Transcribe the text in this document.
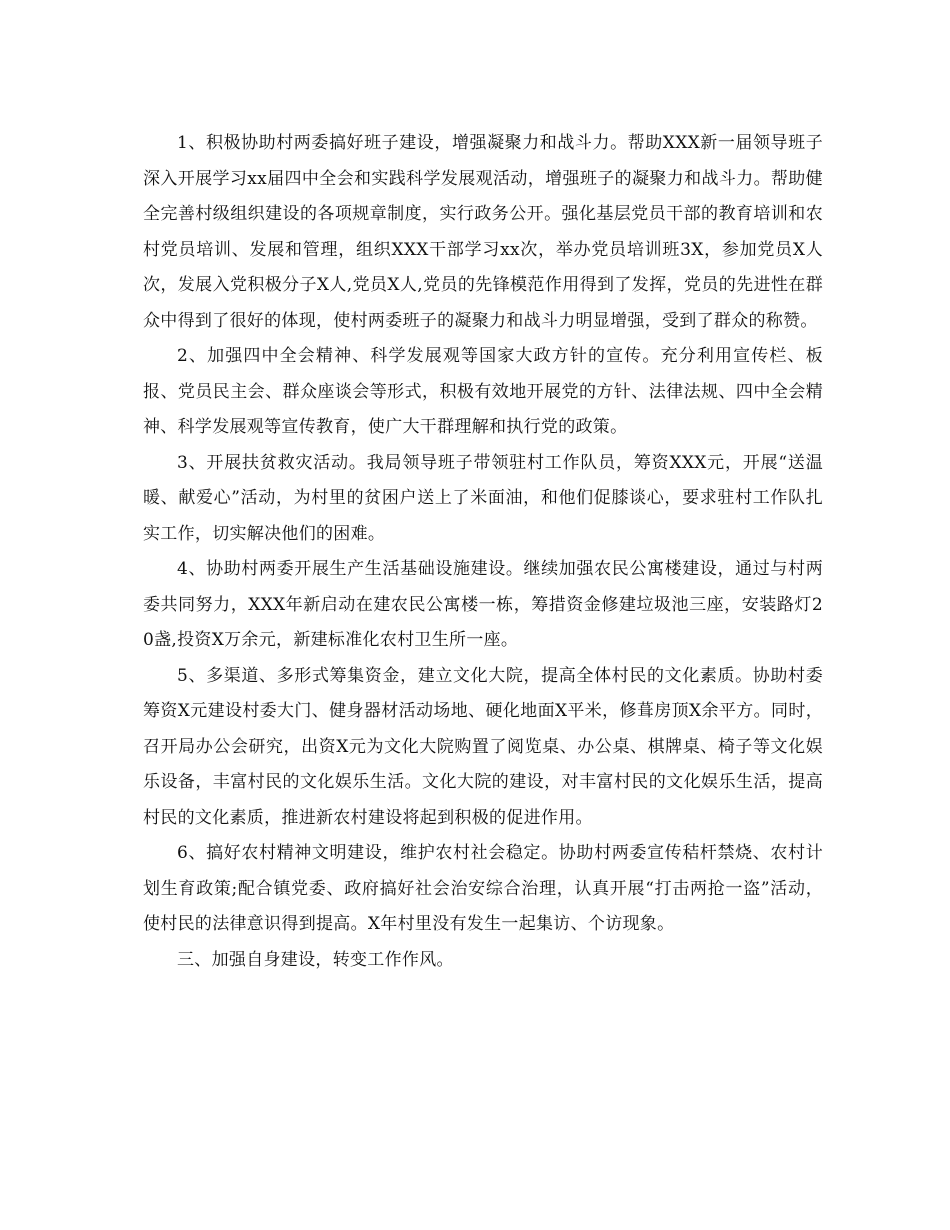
1、积极协助村两委搞好班子建设，增强凝聚力和战斗力。帮助XXX新一届领导班子深入开展学习xx届四中全会和实践科学发展观活动，增强班子的凝聚力和战斗力。帮助健全完善村级组织建设的各项规章制度，实行政务公开。强化基层党员干部的教育培训和农村党员培训、发展和管理，组织XXX干部学习xx次，举办党员培训班3X，参加党员X人次，发展入党积极分子X人,党员X人,党员的先锋模范作用得到了发挥，党员的先进性在群众中得到了很好的体现，使村两委班子的凝聚力和战斗力明显增强，受到了群众的称赞。

2、加强四中全会精神、科学发展观等国家大政方针的宣传。充分利用宣传栏、板报、党员民主会、群众座谈会等形式，积极有效地开展党的方针、法律法规、四中全会精神、科学发展观等宣传教育，使广大干群理解和执行党的政策。

3、开展扶贫救灾活动。我局领导班子带领驻村工作队员，筹资XXX元，开展“送温暖、献爱心”活动，为村里的贫困户送上了米面油，和他们促膝谈心，要求驻村工作队扎实工作，切实解决他们的困难。

4、协助村两委开展生产生活基础设施建设。继续加强农民公寓楼建设，通过与村两委共同努力，XXX年新启动在建农民公寓楼一栋，筹措资金修建垃圾池三座，安装路灯20盏,投资X万余元，新建标准化农村卫生所一座。

5、多渠道、多形式筹集资金，建立文化大院，提高全体村民的文化素质。协助村委筹资X元建设村委大门、健身器材活动场地、硬化地面X平米，修葺房顶X余平方。同时，召开局办公会研究，出资X元为文化大院购置了阅览桌、办公桌、棋牌桌、椅子等文化娱乐设备，丰富村民的文化娱乐生活。文化大院的建设，对丰富村民的文化娱乐生活，提高村民的文化素质，推进新农村建设将起到积极的促进作用。

6、搞好农村精神文明建设，维护农村社会稳定。协助村两委宣传秸杆禁烧、农村计划生育政策;配合镇党委、政府搞好社会治安综合治理，认真开展“打击两抢一盗”活动，使村民的法律意识得到提高。X年村里没有发生一起集访、个访现象。

三、加强自身建设，转变工作作风。
